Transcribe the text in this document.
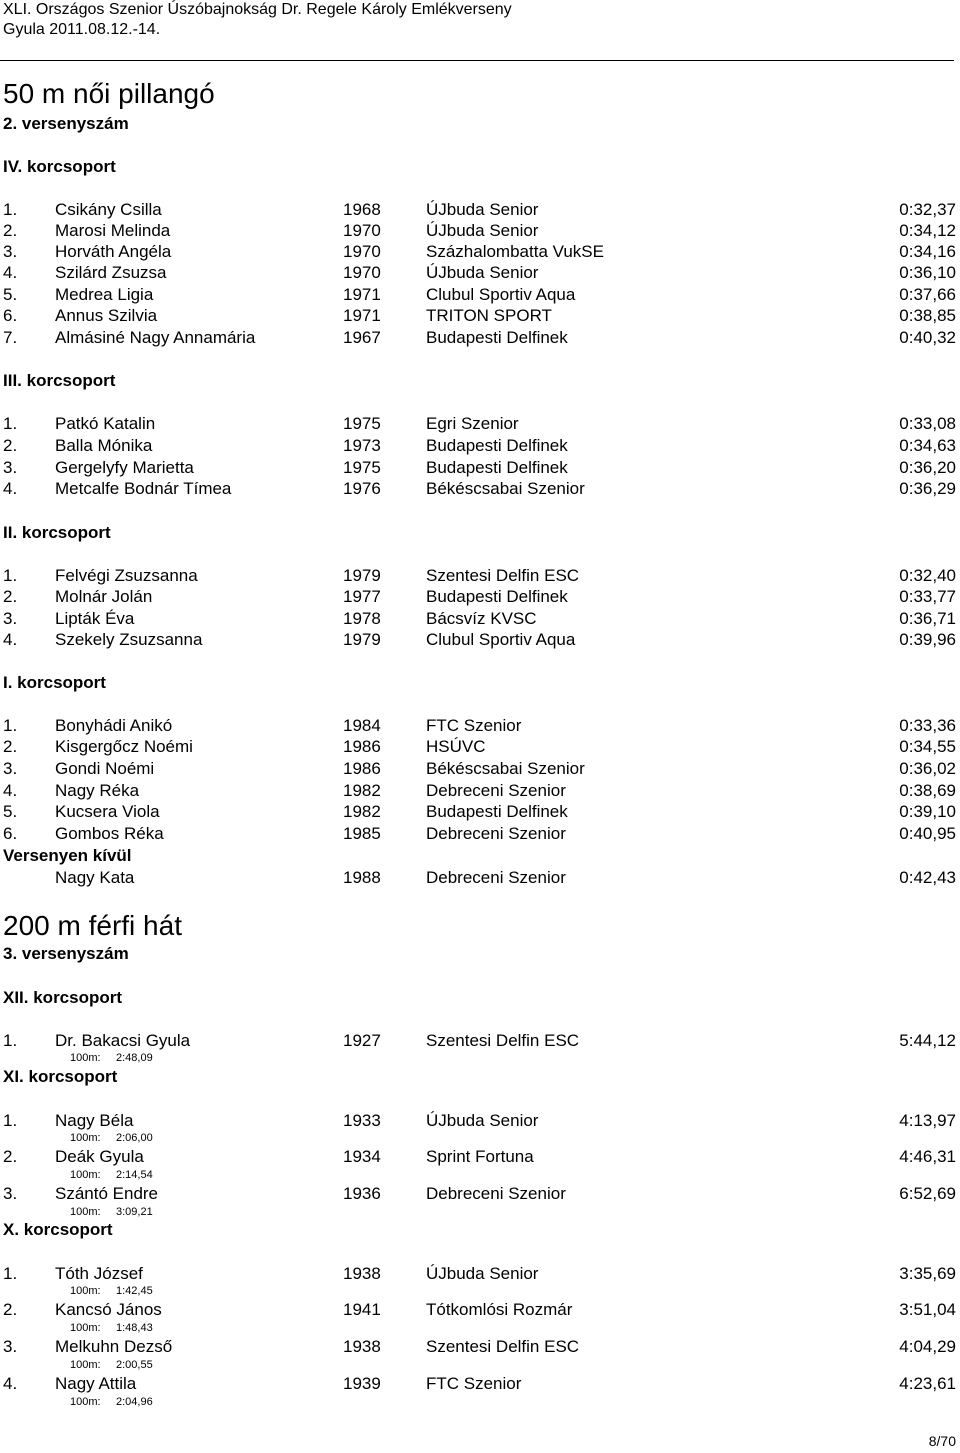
XLI. Országos Szenior Úszóbajnokság Dr. Regele Károly Emlékverseny
Gyula 2011.08.12.-14.
50 m női pillangó
2. versenyszám
IV. korcsoport
1. Csikány Csilla	1968	ÚJbuda Senior	0:32,37
2. Marosi Melinda	1970	ÚJbuda Senior	0:34,12
3. Horváth Angéla	1970	Százhalombatta VukSE	0:34,16
4. Szilárd Zsuzsa	1970	ÚJbuda Senior	0:36,10
5. Medrea Ligia	1971	Clubul Sportiv Aqua	0:37,66
6. Annus Szilvia	1971	TRITON SPORT	0:38,85
7. Almásiné Nagy Annamária	1967	Budapesti Delfinek	0:40,32
III. korcsoport
1. Patkó Katalin	1975	Egri Szenior	0:33,08
2. Balla Mónika	1973	Budapesti Delfinek	0:34,63
3. Gergelyfy Marietta	1975	Budapesti Delfinek	0:36,20
4. Metcalfe Bodnár Tímea	1976	Békéscsabai Szenior	0:36,29
II. korcsoport
1. Felvégi Zsuzsanna	1979	Szentesi Delfin ESC	0:32,40
2. Molnár Jolán	1977	Budapesti Delfinek	0:33,77
3. Lipták Éva	1978	Bácsvíz KVSC	0:36,71
4. Szekely Zsuzsanna	1979	Clubul Sportiv Aqua	0:39,96
I. korcsoport
1. Bonyhádi Anikó	1984	FTC Szenior	0:33,36
2. Kisgergőcz Noémi	1986	HSÚVC	0:34,55
3. Gondi Noémi	1986	Békéscsabai Szenior	0:36,02
4. Nagy Réka	1982	Debreceni Szenior	0:38,69
5. Kucsera Viola	1982	Budapesti Delfinek	0:39,10
6. Gombos Réka	1985	Debreceni Szenior	0:40,95
Versenyen kívül
Nagy Kata	1988	Debreceni Szenior	0:42,43
200 m férfi hát
3. versenyszám
XII. korcsoport
1. Dr. Bakacsi Gyula	1927	Szentesi Delfin ESC	5:44,12
100m: 2:48,09
XI. korcsoport
1. Nagy Béla	1933	ÚJbuda Senior	4:13,97
100m: 2:06,00
2. Deák Gyula	1934	Sprint Fortuna	4:46,31
100m: 2:14,54
3. Szántó Endre	1936	Debreceni Szenior	6:52,69
100m: 3:09,21
X. korcsoport
1. Tóth József	1938	ÚJbuda Senior	3:35,69
100m: 1:42,45
2. Kancsó János	1941	Tótkomlósi Rozmár	3:51,04
100m: 1:48,43
3. Melkuhn Dezső	1938	Szentesi Delfin ESC	4:04,29
100m: 2:00,55
4. Nagy Attila	1939	FTC Szenior	4:23,61
100m: 2:04,96
8/70
